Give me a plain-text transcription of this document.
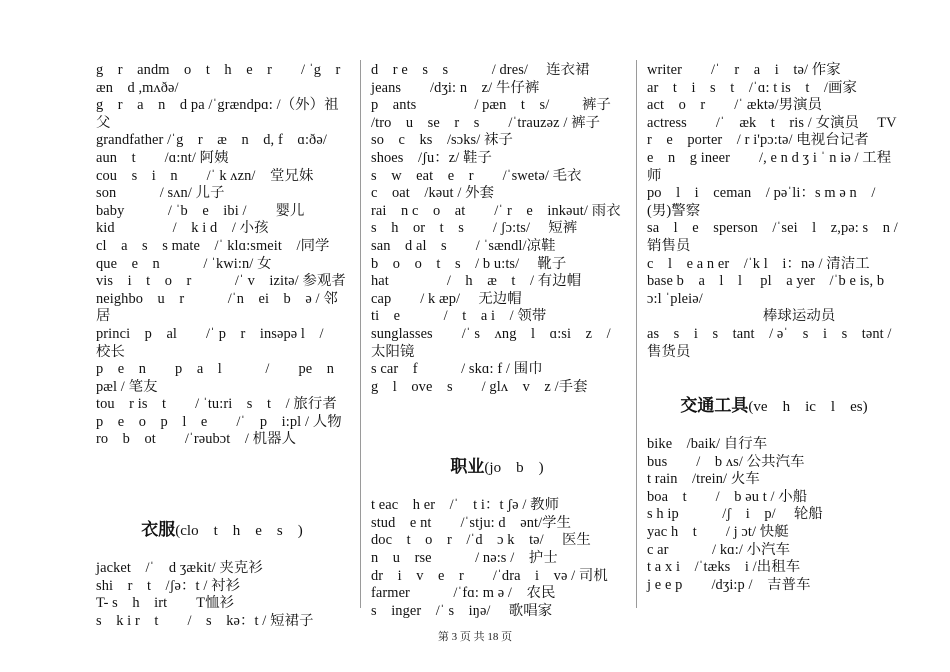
g　r　andm　o　t　h　e　r　　/ ˈg　r　æn　d ,mʌðə/
g　r　a　n　d pa /ˈgrændpɑ: /（外）祖父
grandfather /ˈg　r　æ　n　d, f　ɑ:ðə/
aun　t　　/ɑ:nt/ 阿姨
cou　s　i　n　　/ˈ k ʌzn/　堂兄妹
son　　　/ sʌn/ 儿子
baby　　　/ ˈb　e　ibi /　　婴儿
kid　　　　/　k i d　/ 小孩
cl　a　s　s mate　/ˈ klɑ:smeit　/同学
que　e　n　　　/ ˈkwi:n/ 女
vis　i　t　o　r　　　/ˈ v　izitə/ 参观者
neighbo　u　r　　　/ˈn　ei　b　ə / 邻居
princi　p　al　　/ˈ p　r　insəpə l　/　校长
p　e　n　　p　a　l　　　/　　pe　n　pæl / 笔友
tou　r is　t　　/ ˈtu:ri　s　t　/ 旅行者
p　e　o　p　l　e　　/ˈ　p　i:pl / 人物
ro　b　ot　　/ˈrəubɔt　/ 机器人
衣服(clo　t　h　e　s　)
jacket　/ˈ　d ʒækit/ 夹克衫
shi　r　t　/ʃə：t / 衬衫
T- s　h　irt　　T恤衫
s　k i r　t　　/　s　kə：t / 短裙子
d　r e　s　s　　　/ dres/　 连衣裙
jeans　　/dʒi: n　z/ 牛仔裤
p　ants　　　　/ pæn　t　s/　　 裤子
/tro　u　se　r　s　　/ˈtrauzəz / 裤子
so　c　ks　/sɔks/ 袜子
shoes　/ʃu：z/ 鞋子
s　w　eat　e　r　　/ˈswetə/ 毛衣
c　oat　/kəut / 外套
rai　n c　o　at　　/ˈ r　e　inkəut/ 雨衣
s　h　or　t　s　　/ ʃɔ:ts/　 短裤
san　d al　s　　/ ˈsændl/凉鞋
b　o　o　t　s　/ b u:ts/　 靴子
hat　　　　/　h　æ　t　/ 有边帽
cap　　/ k æp/　 无边帽
ti　e　　　/　t　a i　/ 领带
sunglasses　　/ˈ s　ʌng　l　ɑ:si　z　/ 太阳镜
s car　f　　　/ skɑ: f / 围巾
g　l　ove　s　　/ glʌ　v　z /手套
职业(jo　b　)
t eac　h er　/ˈ　t i：t ʃə / 教师
stud　e nt　　/ˈstju: d　ənt/学生
doc　t　o　r　/ˈd　ɔ k　tə/　 医生
n　u　rse　　　/ nə:s /　护士
dr　i　v　e　r　　/ˈdra　i　və / 司机
farmer　　　/ˈfɑ: m ə /　农民
s　inger　/ˈ s　iŋə/　 歌唱家
writer　　/ˈ　r　a　i　tə/ 作家
ar　t　i　s　t　/ˈɑ: t is　t　/画家
act　o　r　　/ˈ æktə/男演员
actress　　/ˈ　æk　t　ris / 女演员　 TV
r　e　porter　/ r i'pɔ:tə/ 电视台记者
e　n　g ineer　　/, e n d ʒ i ˈ n iə / 工程师
po　l　i　ceman　/ pəˈli：s m ə n　/ (男)警察
sa　l　e　sperson　/ˈsei　l　z,pə: s　n / 销售员
c　l　e a n er　/ˈk l　i：nə / 清洁工
base b　a　l　l　 pl　a yer　/ˈb e is, b ɔ:l ˈpleiə/
　　　　　　　　棒球运动员
as　s　i　s　tant　/ əˈ　s　i　s　tənt / 售货员
交通工具(ve　h　ic　l　es)
bike　/baik/ 自行车
bus　　/　b ʌs/ 公共汽车
t rain　/trein/ 火车
boa　t　　/　b əu t / 小船
s h ip　　　/ʃ　i　p/　 轮船
yac h　t　　/ j ɔt/ 快艇
c ar　　　/ kɑ:/ 小汽车
t a x i　/ˈtæks　i /出租车
j e e p　　/dʒi:p /　吉普车
第 3 页 共 18 页
